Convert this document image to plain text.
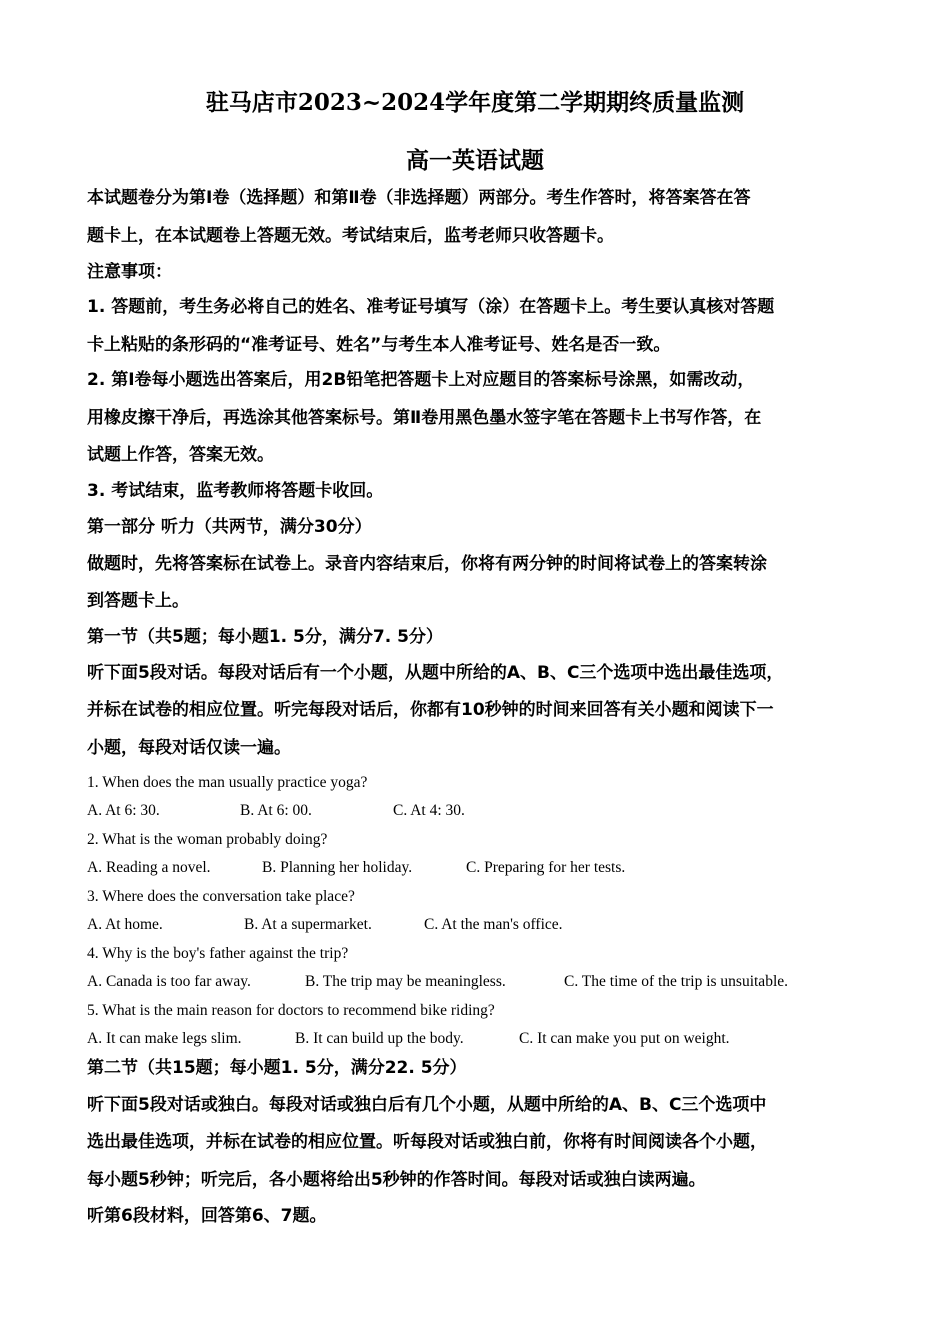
驻马店市2023~2024学年度第二学期期终质量监测
高一英语试题
本试题卷分为第Ⅰ卷（选择题）和第Ⅱ卷（非选择题）两部分。考生作答时，将答案答在答
题卡上，在本试题卷上答题无效。考试结束后，监考老师只收答题卡。
注意事项：
1. 答题前，考生务必将自己的姓名、准考证号填写（涂）在答题卡上。考生要认真核对答题
卡上粘贴的条形码的“准考证号、姓名”与考生本人准考证号、姓名是否一致。
2. 第Ⅰ卷每小题选出答案后，用2B铅笔把答题卡上对应题目的答案标号涂黑，如需改动，
用橡皮擦干净后，再选涂其他答案标号。第Ⅱ卷用黑色墨水签字笔在答题卡上书写作答，在
试题上作答，答案无效。
3. 考试结束，监考教师将答题卡收回。
第一部分 听力（共两节，满分30分）
做题时，先将答案标在试卷上。录音内容结束后，你将有两分钟的时间将试卷上的答案转涂
到答题卡上。
第一节（共5题；每小题1. 5分，满分7. 5分）
听下面5段对话。每段对话后有一个小题，从题中所给的A、B、C三个选项中选出最佳选项，
并标在试卷的相应位置。听完每段对话后，你都有10秒钟的时间来回答有关小题和阅读下一
小题，每段对话仅读一遍。
1. When does the man usually practice yoga?
A. At 6: 30.	B. At 6: 00.	C. At 4: 30.
2. What is the woman probably doing?
A. Reading a novel.	B. Planning her holiday.	C. Preparing for her tests.
3. Where does the conversation take place?
A. At home.	B. At a supermarket.	C. At the man's office.
4. Why is the boy's father against the trip?
A. Canada is too far away.	B. The trip may be meaningless.	C. The time of the trip is unsuitable.
5. What is the main reason for doctors to recommend bike riding?
A. It can make legs slim.	B. It can build up the body.	C. It can make you put on weight.
第二节（共15题；每小题1. 5分，满分22. 5分）
听下面5段对话或独白。每段对话或独白后有几个小题，从题中所给的A、B、C三个选项中
选出最佳选项，并标在试卷的相应位置。听每段对话或独白前，你将有时间阅读各个小题，
每小题5秒钟；听完后，各小题将给出5秒钟的作答时间。每段对话或独白读两遍。
听第6段材料，回答第6、7题。
